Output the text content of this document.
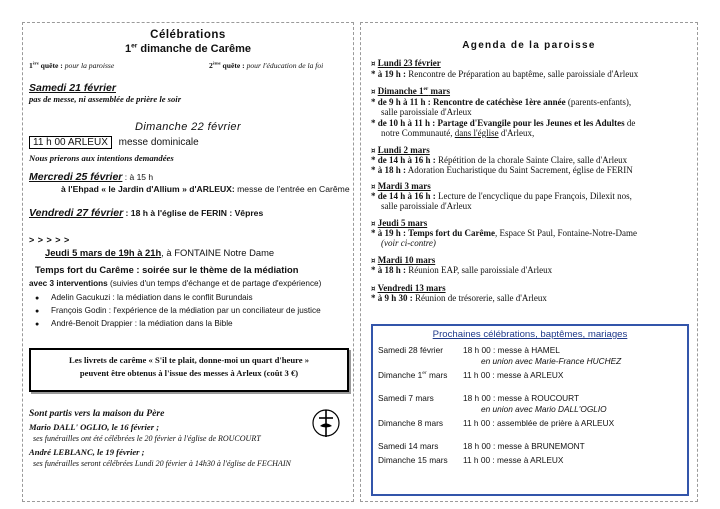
Célébrations
1er dimanche de Carême
1ère quête : pour la paroisse	2ème quête : pour l'éducation de la foi
Samedi 21 février
pas de messe, ni assemblée de prière le soir
Dimanche 22 février
11 h 00 ARLEUX messe dominicale
Nous prierons aux intentions demandées
Mercredi 25 février : à 15 h
à l'Ehpad « le Jardin d'Allium » d'ARLEUX: messe de l'entrée en Carême
Vendredi 27 février : 18 h à l'église de FERIN : Vêpres
> > > > >
Jeudi 5 mars de 19h à 21h, à FONTAINE Notre Dame
Temps fort du Carême : soirée sur le thème de la médiation
avec 3 interventions (suivies d'un temps d'échange et de partage d'expérience)
● Adelin Gacukuzi : la médiation dans le conflit Burundais
● François Godin : l'expérience de la médiation par un conciliateur de justice
● André-Benoit Drappier : la médiation dans la Bible
Les livrets de carême « S'il te plait, donne-moi un quart d'heure »
peuvent être obtenus à l'issue des messes à Arleux (coût 3 €)
Sont partis vers la maison du Père
Mario DALL' OGLIO, le 16 février ;
ses funérailles ont été célébrées le 20 février à l'église de ROUCOURT
André LEBLANC, le 19 février ;
ses funérailles seront célébrées Lundi 20 février à 14h30 à l'église de FECHAIN
Agenda de la paroisse
¤ Lundi 23 février
* à 19 h : Rencontre de Préparation au baptême, salle paroissiale d'Arleux
¤ Dimanche 1er mars
* de 9 h à 11 h : Rencontre de catéchèse 1ère année (parents-enfants),
salle paroissiale d'Arleux
* de 10 h à 11 h : Partage d'Evangile pour les Jeunes et les Adultes de
notre Communauté, dans l'église d'Arleux,
¤ Lundi 2 mars
* de 14 h à 16 h : Répétition de la chorale Sainte Claire, salle d'Arleux
* à 18 h : Adoration Eucharistique du Saint Sacrement, église de FERIN
¤ Mardi 3 mars
* de 14 h à 16 h : Lecture de l'encyclique du pape François, Dilexit nos,
salle paroissiale d'Arleux
¤ Jeudi 5 mars
* à 19 h : Temps fort du Carême, Espace St Paul, Fontaine-Notre-Dame
(voir ci-contre)
¤ Mardi 10 mars
* à 18 h : Réunion EAP, salle paroissiale d'Arleux
¤ Vendredi 13 mars
* à 9 h 30 : Réunion de trésorerie, salle d'Arleux
Prochaines célébrations, baptêmes, mariages
Samedi 28 février 18 h 00 : messe à HAMEL
en union avec Marie-France HUCHEZ
Dimanche 1er mars 11 h 00 : messe à ARLEUX
Samedi 7 mars	18 h 00 : messe à ROUCOURT
en union avec Mario DALL'OGLIO
Dimanche 8 mars 11 h 00 : assemblée de prière à ARLEUX
Samedi 14 mars	18 h 00 : messe à BRUNEMONT
Dimanche 15 mars 11 h 00 : messe à ARLEUX
